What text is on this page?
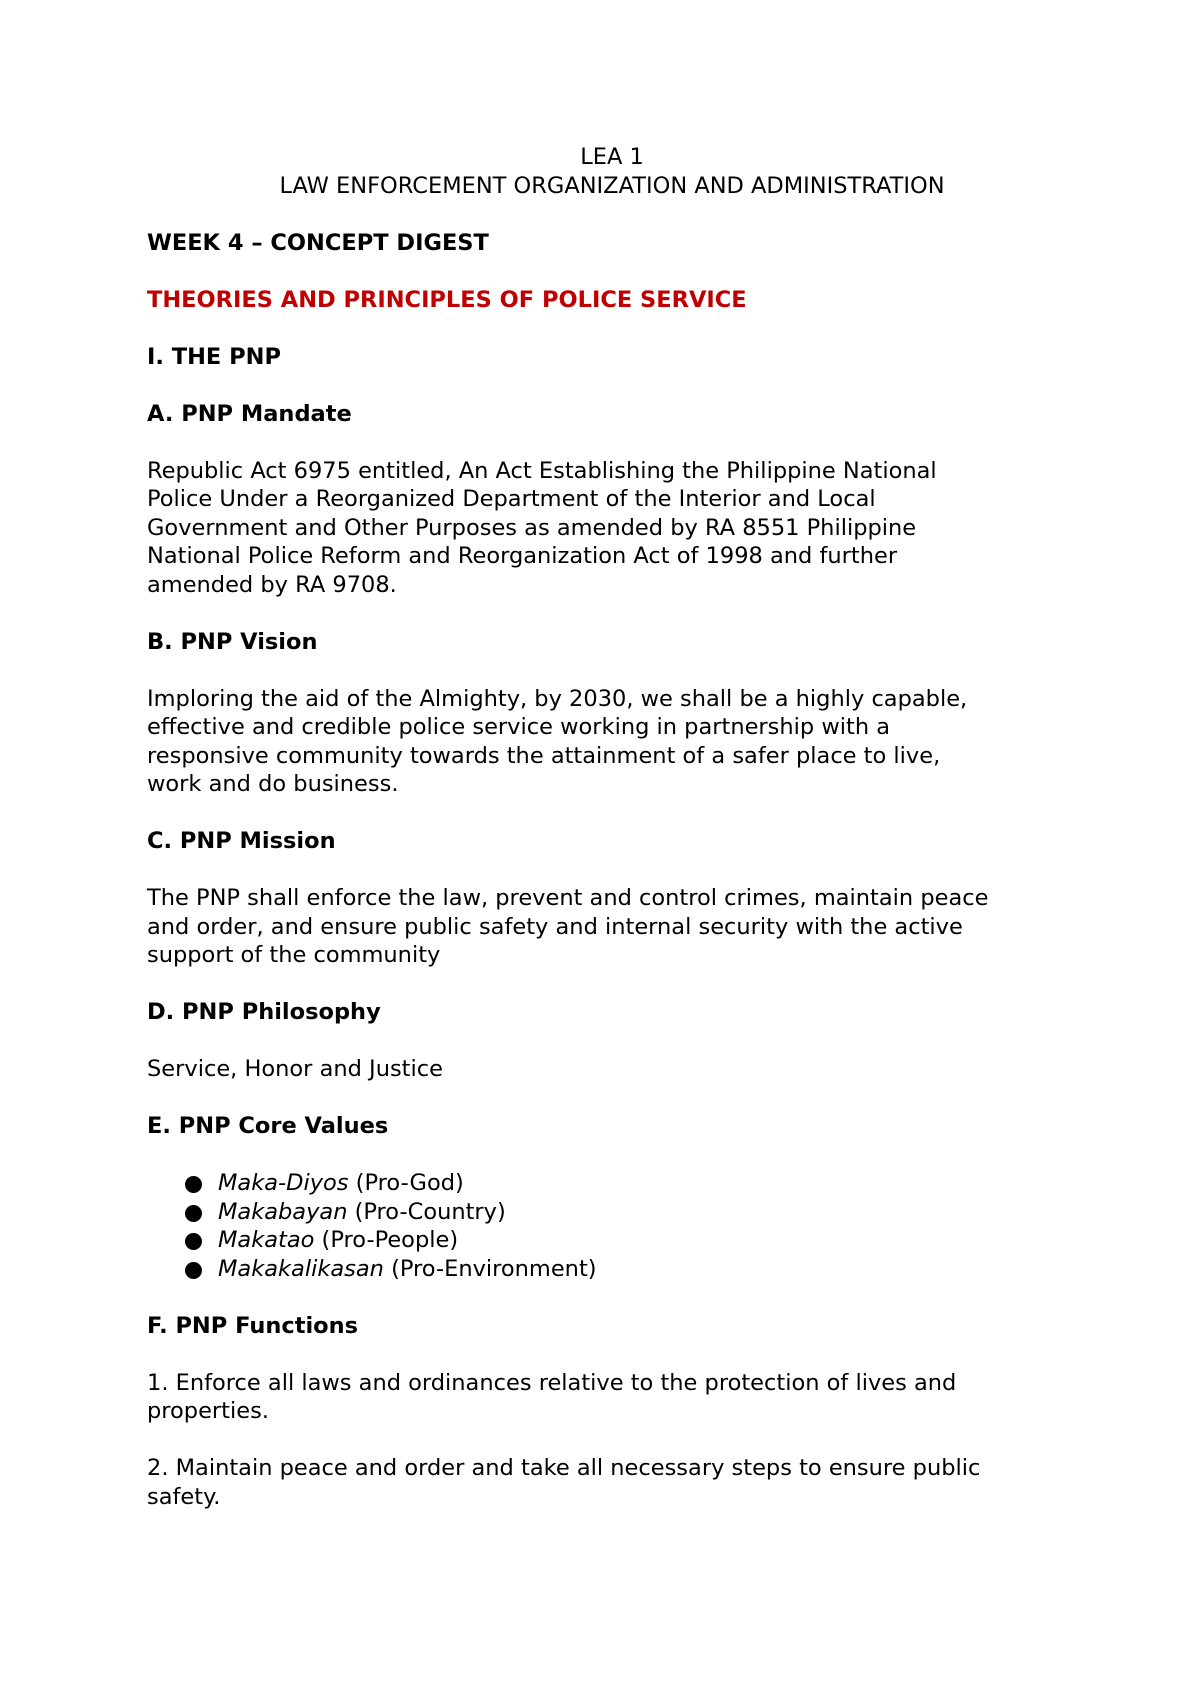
LEA 1

LAW ENFORCEMENT ORGANIZATION AND ADMINISTRATION

WEEK 4 – CONCEPT DIGEST

THEORIES AND PRINCIPLES OF POLICE SERVICE

I. THE PNP

A. PNP Mandate

Republic Act 6975 entitled, An Act Establishing the Philippine National

Police Under a Reorganized Department of the Interior and Local

Government and Other Purposes as amended by RA 8551 Philippine

National Police Reform and Reorganization Act of 1998 and further

amended by RA 9708.

B. PNP Vision

Imploring the aid of the Almighty, by 2030, we shall be a highly capable,

effective and credible police service working in partnership with a

responsive community towards the attainment of a safer place to live,

work and do business.

C. PNP Mission

The PNP shall enforce the law, prevent and control crimes, maintain peace

and order, and ensure public safety and internal security with the active

support of the community

D. PNP Philosophy

Service, Honor and Justice

E. PNP Core Values

Maka-Diyos (Pro-God)
Makabayan (Pro-Country)
Makatao (Pro-People)
Makakalikasan (Pro-Environment)

F. PNP Functions

1. Enforce all laws and ordinances relative to the protection of lives and

properties.

2. Maintain peace and order and take all necessary steps to ensure public

safety.
